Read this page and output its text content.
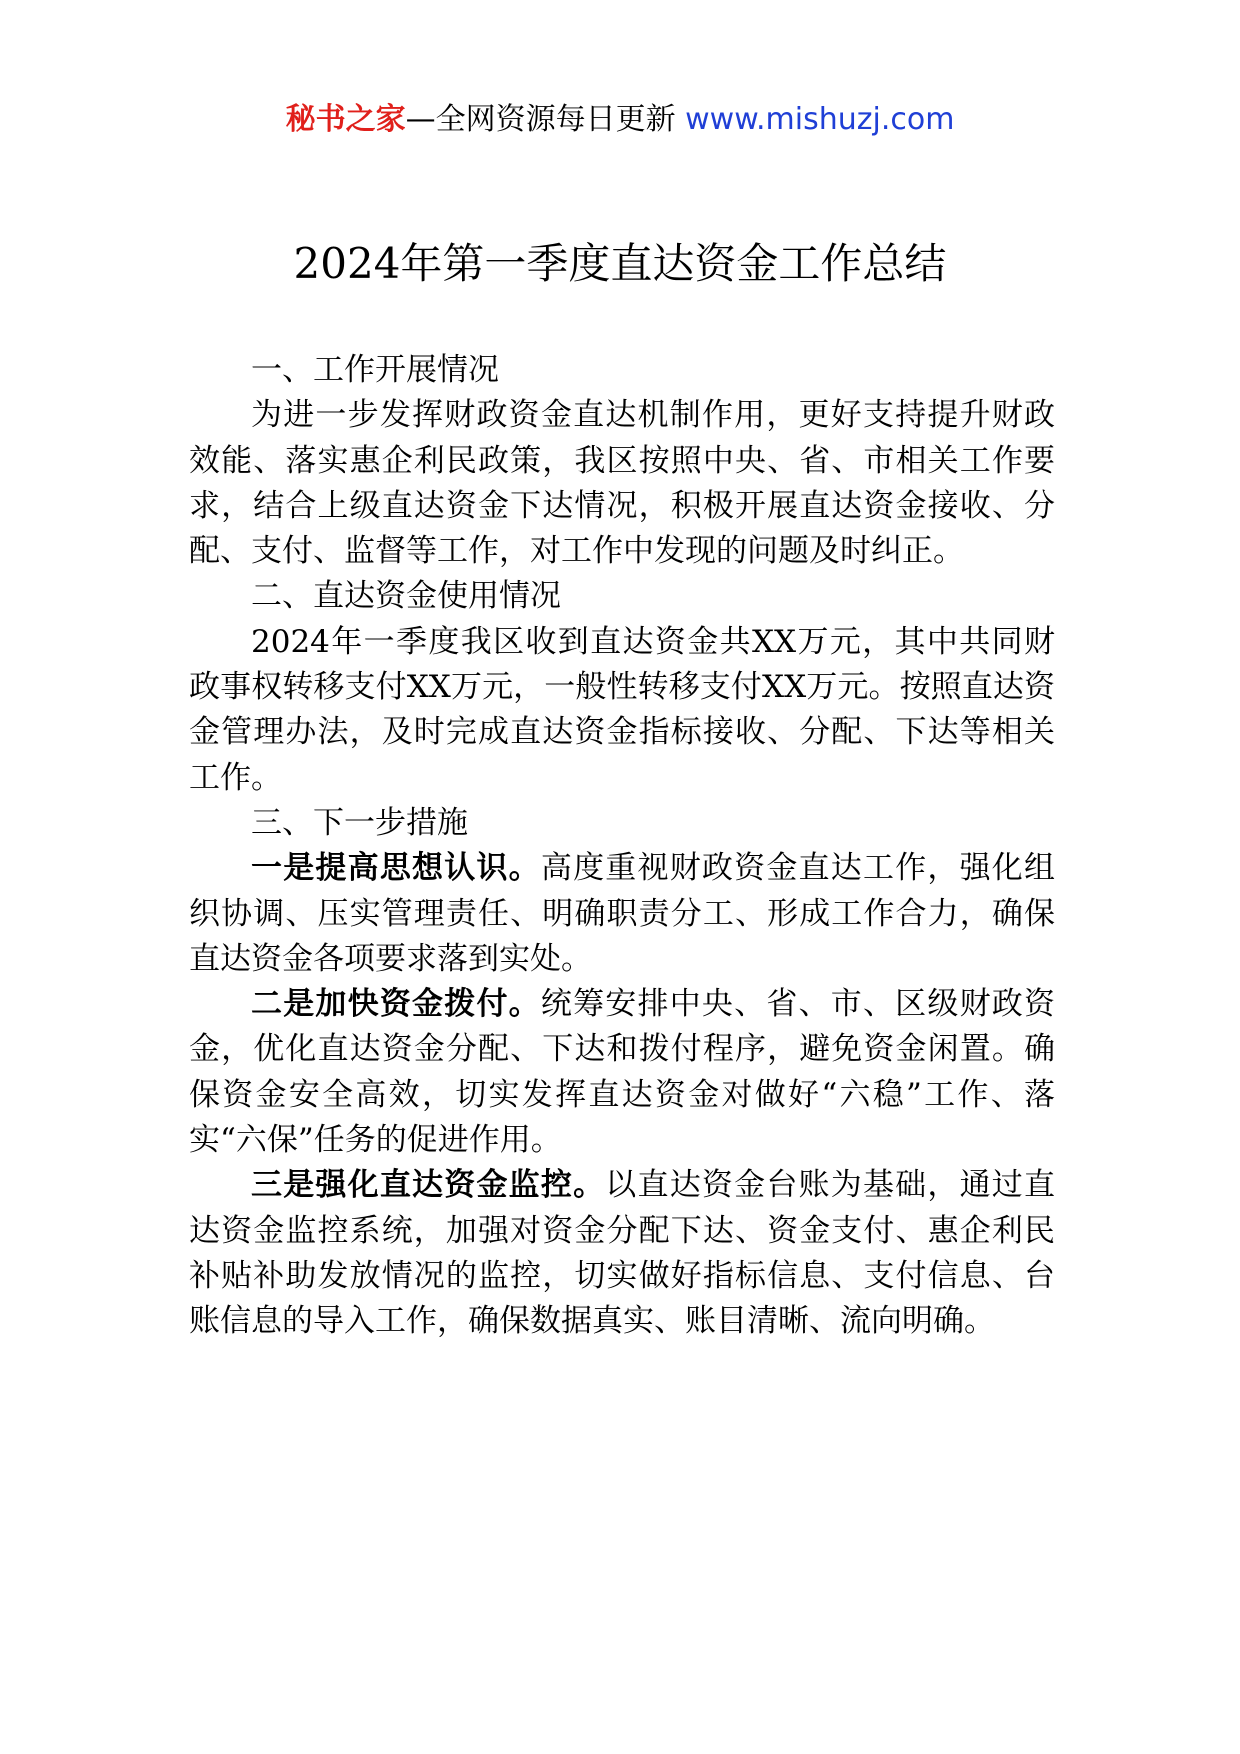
秘书之家—全网资源每日更新 www.mishuzj.com
2024年第一季度直达资金工作总结

一、工作开展情况

为进一步发挥财政资金直达机制作用，更好支持提升财政效能、落实惠企利民政策，我区按照中央、省、市相关工作要求，结合上级直达资金下达情况，积极开展直达资金接收、分配、支付、监督等工作，对工作中发现的问题及时纠正。

二、直达资金使用情况

2024年一季度我区收到直达资金共XX万元，其中共同财政事权转移支付XX万元，一般性转移支付XX万元。按照直达资金管理办法，及时完成直达资金指标接收、分配、下达等相关工作。

三、下一步措施

一是提高思想认识。高度重视财政资金直达工作，强化组织协调、压实管理责任、明确职责分工、形成工作合力，确保直达资金各项要求落到实处。

二是加快资金拨付。统筹安排中央、省、市、区级财政资金，优化直达资金分配、下达和拨付程序，避免资金闲置。确保资金安全高效，切实发挥直达资金对做好“六稳”工作、落实“六保”任务的促进作用。

三是强化直达资金监控。以直达资金台账为基础，通过直达资金监控系统，加强对资金分配下达、资金支付、惠企利民补贴补助发放情况的监控，切实做好指标信息、支付信息、台账信息的导入工作，确保数据真实、账目清晰、流向明确。
